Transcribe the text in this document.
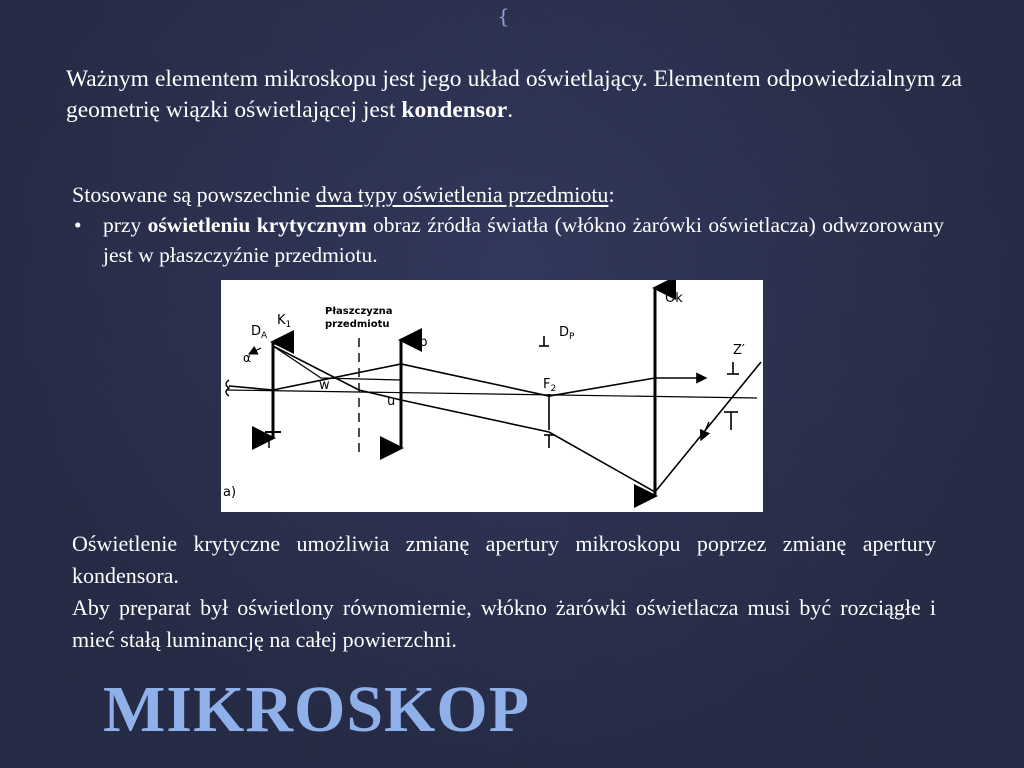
{
Ważnym elementem mikroskopu jest jego układ oświetlający. Elementem odpowiedzialnym za geometrię wiązki oświetlającej jest kondensor.
Stosowane są powszechnie dwa typy oświetlenia przedmiotu:
• przy oświetleniu krytycznym obraz źródła światła (włókno żarówki oświetlacza) odwzorowany jest w płaszczyźnie przedmiotu.
$D_A$
$K_1$
α
Płaszczyzna
przedmiotu
Ob
w
u
$D_P$
$F_2$
Ok
Z′
a)

Oświetlenie krytyczne umożliwia zmianę apertury mikroskopu poprzez zmianę apertury kondensora.

Aby preparat był oświetlony równomiernie, włókno żarówki oświetlacza musi być rozciągłe i mieć stałą luminancję na całej powierzchni.

MIKROSKOP
